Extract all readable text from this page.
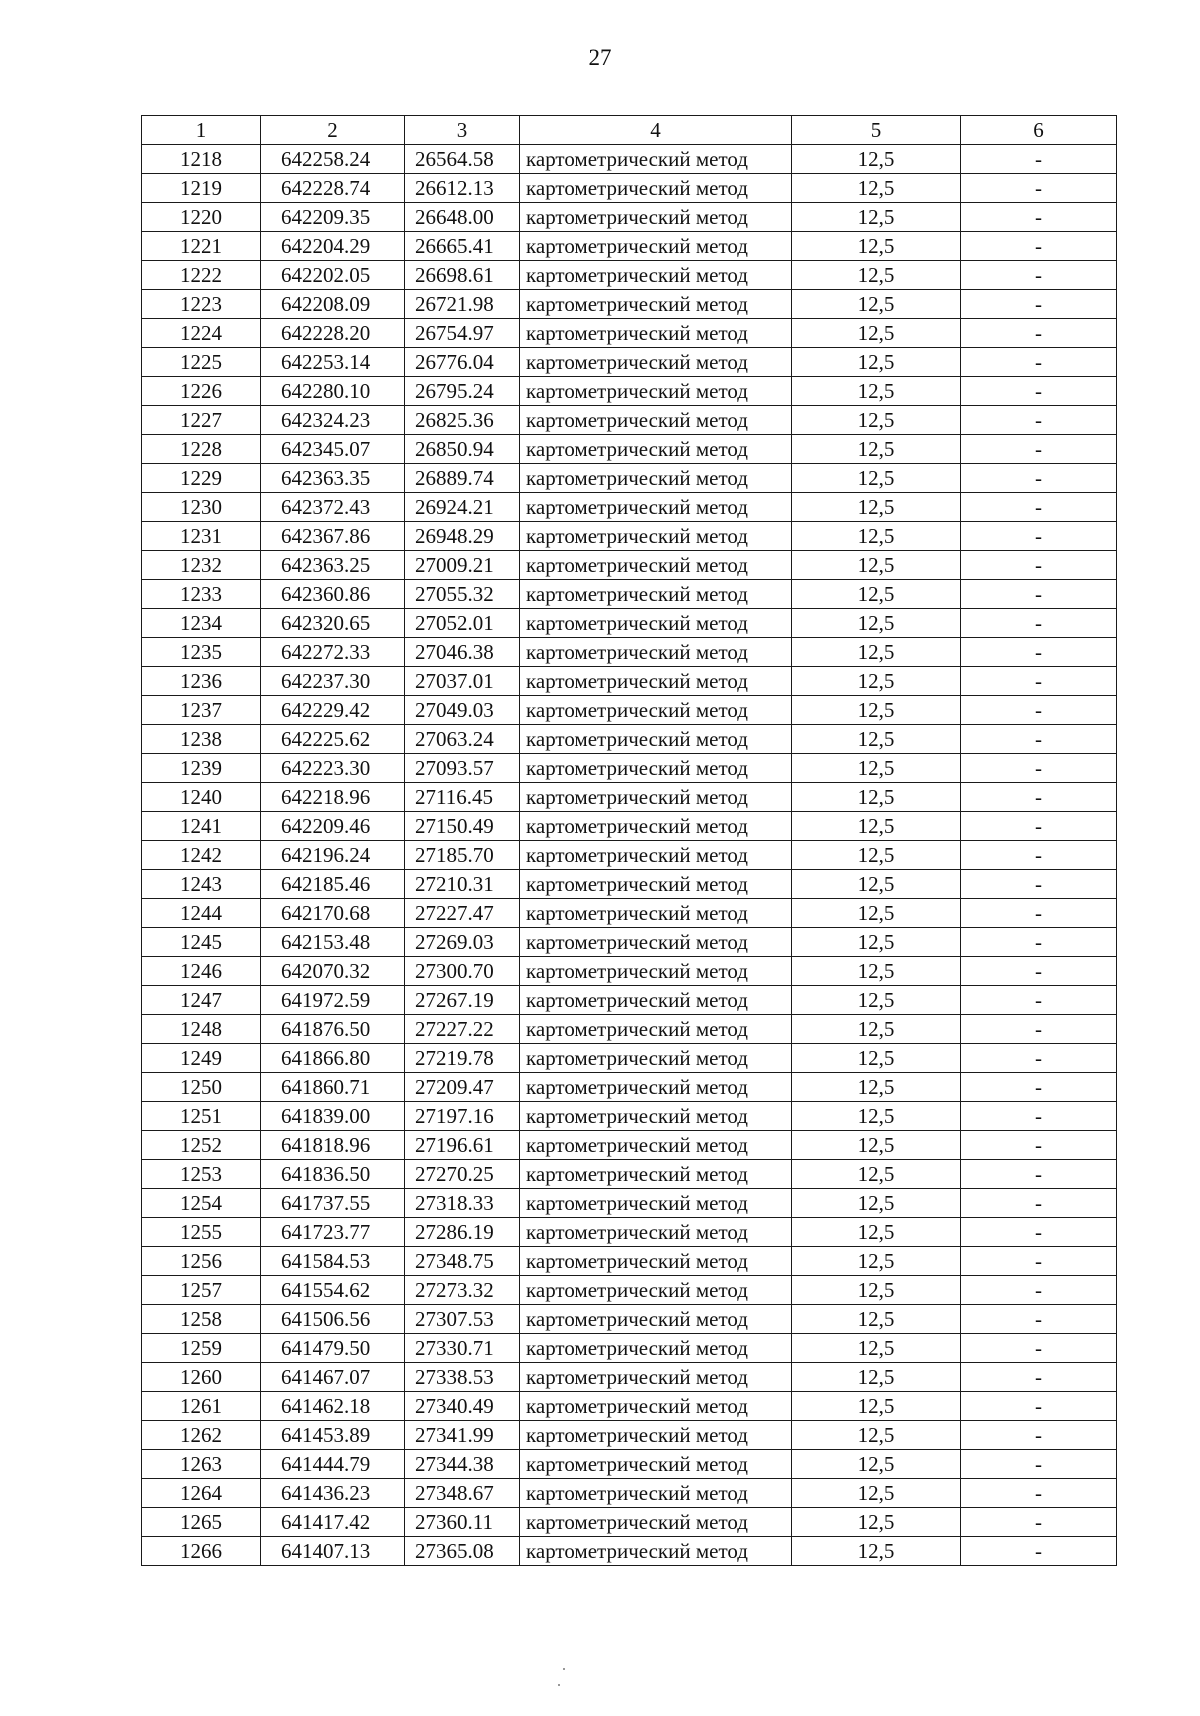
27
1	2	3	4	5	6
1218	642258.24	26564.58	картометрический метод	12,5	-
1219	642228.74	26612.13	картометрический метод	12,5	-
1220	642209.35	26648.00	картометрический метод	12,5	-
1221	642204.29	26665.41	картометрический метод	12,5	-
1222	642202.05	26698.61	картометрический метод	12,5	-
1223	642208.09	26721.98	картометрический метод	12,5	-
1224	642228.20	26754.97	картометрический метод	12,5	-
1225	642253.14	26776.04	картометрический метод	12,5	-
1226	642280.10	26795.24	картометрический метод	12,5	-
1227	642324.23	26825.36	картометрический метод	12,5	-
1228	642345.07	26850.94	картометрический метод	12,5	-
1229	642363.35	26889.74	картометрический метод	12,5	-
1230	642372.43	26924.21	картометрический метод	12,5	-
1231	642367.86	26948.29	картометрический метод	12,5	-
1232	642363.25	27009.21	картометрический метод	12,5	-
1233	642360.86	27055.32	картометрический метод	12,5	-
1234	642320.65	27052.01	картометрический метод	12,5	-
1235	642272.33	27046.38	картометрический метод	12,5	-
1236	642237.30	27037.01	картометрический метод	12,5	-
1237	642229.42	27049.03	картометрический метод	12,5	-
1238	642225.62	27063.24	картометрический метод	12,5	-
1239	642223.30	27093.57	картометрический метод	12,5	-
1240	642218.96	27116.45	картометрический метод	12,5	-
1241	642209.46	27150.49	картометрический метод	12,5	-
1242	642196.24	27185.70	картометрический метод	12,5	-
1243	642185.46	27210.31	картометрический метод	12,5	-
1244	642170.68	27227.47	картометрический метод	12,5	-
1245	642153.48	27269.03	картометрический метод	12,5	-
1246	642070.32	27300.70	картометрический метод	12,5	-
1247	641972.59	27267.19	картометрический метод	12,5	-
1248	641876.50	27227.22	картометрический метод	12,5	-
1249	641866.80	27219.78	картометрический метод	12,5	-
1250	641860.71	27209.47	картометрический метод	12,5	-
1251	641839.00	27197.16	картометрический метод	12,5	-
1252	641818.96	27196.61	картометрический метод	12,5	-
1253	641836.50	27270.25	картометрический метод	12,5	-
1254	641737.55	27318.33	картометрический метод	12,5	-
1255	641723.77	27286.19	картометрический метод	12,5	-
1256	641584.53	27348.75	картометрический метод	12,5	-
1257	641554.62	27273.32	картометрический метод	12,5	-
1258	641506.56	27307.53	картометрический метод	12,5	-
1259	641479.50	27330.71	картометрический метод	12,5	-
1260	641467.07	27338.53	картометрический метод	12,5	-
1261	641462.18	27340.49	картометрический метод	12,5	-
1262	641453.89	27341.99	картометрический метод	12,5	-
1263	641444.79	27344.38	картометрический метод	12,5	-
1264	641436.23	27348.67	картометрический метод	12,5	-
1265	641417.42	27360.11	картометрический метод	12,5	-
1266	641407.13	27365.08	картометрический метод	12,5	-
